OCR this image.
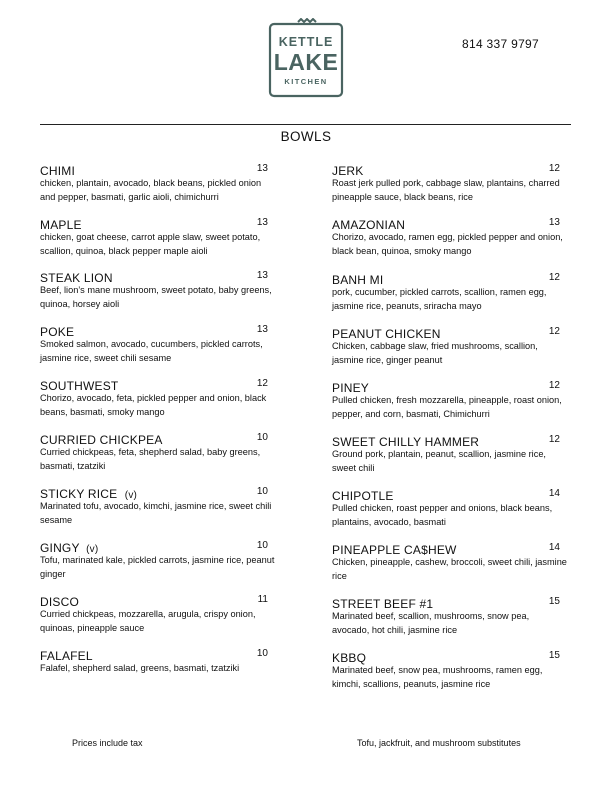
KETTLE
LAKE
KITCHEN
814 337 9797
BOWLS
CHIMI	13
chicken, plantain, avocado, black beans, pickled onion and pepper, basmati, garlic aioli, chimichurri
MAPLE	13
chicken, goat cheese, carrot apple slaw, sweet potato, scallion, quinoa, black pepper maple aioli
STEAK LION	13
Beef, lion’s mane mushroom, sweet potato, baby greens, quinoa, horsey aioli
POKE	13
Smoked salmon, avocado, cucumbers, pickled carrots, jasmine rice, sweet chili sesame
SOUTHWEST	12
Chorizo, avocado, feta, pickled pepper and onion, black beans, basmati, smoky mango
CURRIED CHICKPEA	10
Curried chickpeas, feta, shepherd salad, baby greens, basmati, tzatziki
STICKY RICE (v)	10
Marinated tofu, avocado, kimchi, jasmine rice, sweet chili sesame
GINGY (v)	10
Tofu, marinated kale, pickled carrots, jasmine rice, peanut ginger
DISCO	11
Curried chickpeas, mozzarella, arugula, crispy onion, quinoas, pineapple sauce
FALAFEL	10
Falafel, shepherd salad, greens, basmati, tzatziki
JERK	12
Roast jerk pulled pork, cabbage slaw, plantains, charred pineapple sauce, black beans, rice
AMAZONIAN	13
Chorizo, avocado, ramen egg, pickled pepper and onion, black bean, quinoa, smoky mango
BANH MI	12
pork, cucumber, pickled carrots, scallion, ramen egg, jasmine rice, peanuts, sriracha mayo
PEANUT CHICKEN	12
Chicken, cabbage slaw, fried mushrooms, scallion, jasmine rice, ginger peanut
PINEY	12
Pulled chicken, fresh mozzarella, pineapple, roast onion, pepper, and corn, basmati, Chimichurri
SWEET CHILLY HAMMER	12
Ground pork, plantain, peanut, scallion, jasmine rice, sweet chili
CHIPOTLE	14
Pulled chicken, roast pepper and onions, black beans, plantains, avocado, basmati
PINEAPPLE CA$HEW	14
Chicken, pineapple, cashew, broccoli, sweet chili, jasmine rice
STREET BEEF #1	15
Marinated beef, scallion, mushrooms, snow pea, avocado, hot chili, jasmine rice
KBBQ	15
Marinated beef, snow pea, mushrooms, ramen egg, kimchi, scallions, peanuts, jasmine rice
Prices include tax	Tofu, jackfruit, and mushroom substitutes
